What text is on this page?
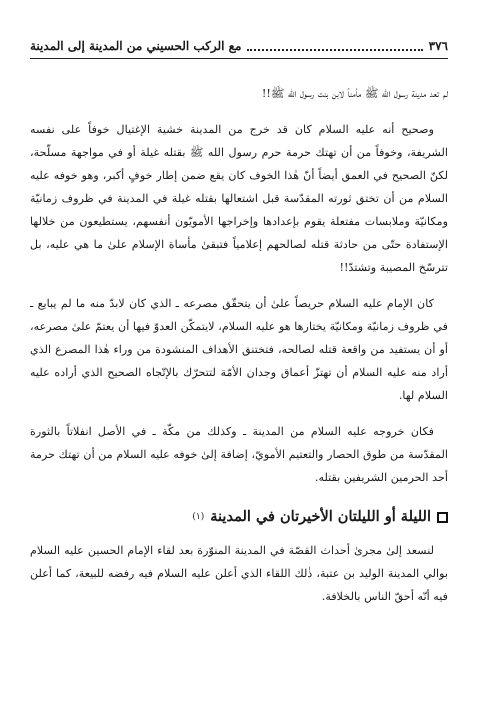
٣٧٦
مع الركب الحسيني من المدينة إلى المدينة

لم تعد مدينة رسول الله ﷺ مأمناً لابن بنت رسول الله ﷺ!!

وصحيح أنه عليه السلام كان قد خرج من المدينة خشية الإغتيال خوفاً على نفسه الشريفة، وخوفاً من أن تهتك حرمة حرم رسول الله ﷺ بقتله غيلة أو في مواجهة مسلّحة، لكنّ الصحيح في العمق أيضاً أنّ هٰذا الخوف كان يقع ضمن إطار خوفٍ أكبر، وهو خوفه عليه السلام من أن تختق ثورته المقدّسة قبل اشتعالها بقتله غيلة في المدينة في ظروف زمانيّة ومكانيّة وملابسات مفتعلة يقوم بإعدادها وإخراجها الأمويّون أنفسهم، يستطيعون من خلالها الإستفادة حتّى من حادثة قتله لصالحهم إعلامياً فتبقىٰ مأساة الإسلام علىٰ ما هي عليه، بل تترسّخ المصيبة وتشتدّ!!

كان الإمام عليه السلام حريصاً علىٰ أن يتحقّق مصرعه ـ الذي كان لابدّ منه ما لم يبايع ـ في ظروف زمانيّة ومكانيّة يختارها هو عليه السلام، لايتمكّن العدوّ فيها أن يعتمّ علىٰ مصرعه، أو أن يستفيد من واقعة قتله لصالحه، فتختنق الأهداف المنشودة من وراء هٰذا المصرع الذي أراد منه عليه السلام أن تهتزّ أعماق وجدان الأمّة لتتحرّك بالإتّجاه الصحيح الذي أراده عليه السلام لها.

فكان خروجه عليه السلام من المدينة ـ وكذلك من مكّة ـ في الأصل انفلاتاً بالثورة المقدّسة من طوق الحصار والتعتيم الأمويّ، إضافة إلىٰ خوفه عليه السلام من أن تهتك حرمة أحد الحرمين الشريفين بقتله.

الليلة أو الليلتان الأخيرتان في المدينة
(١)

لنسعد إلىٰ مجرىٰ أحداث القصّة في المدينة المنوّرة بعد لقاء الإمام الحسين عليه السلام بوالي المدينة الوليد بن عتبة، ذٰلك اللقاء الذي أعلن عليه السلام فيه رفضه للبيعة، كما أعلن فيه أنّه أحقّ الناس بالخلافة.
